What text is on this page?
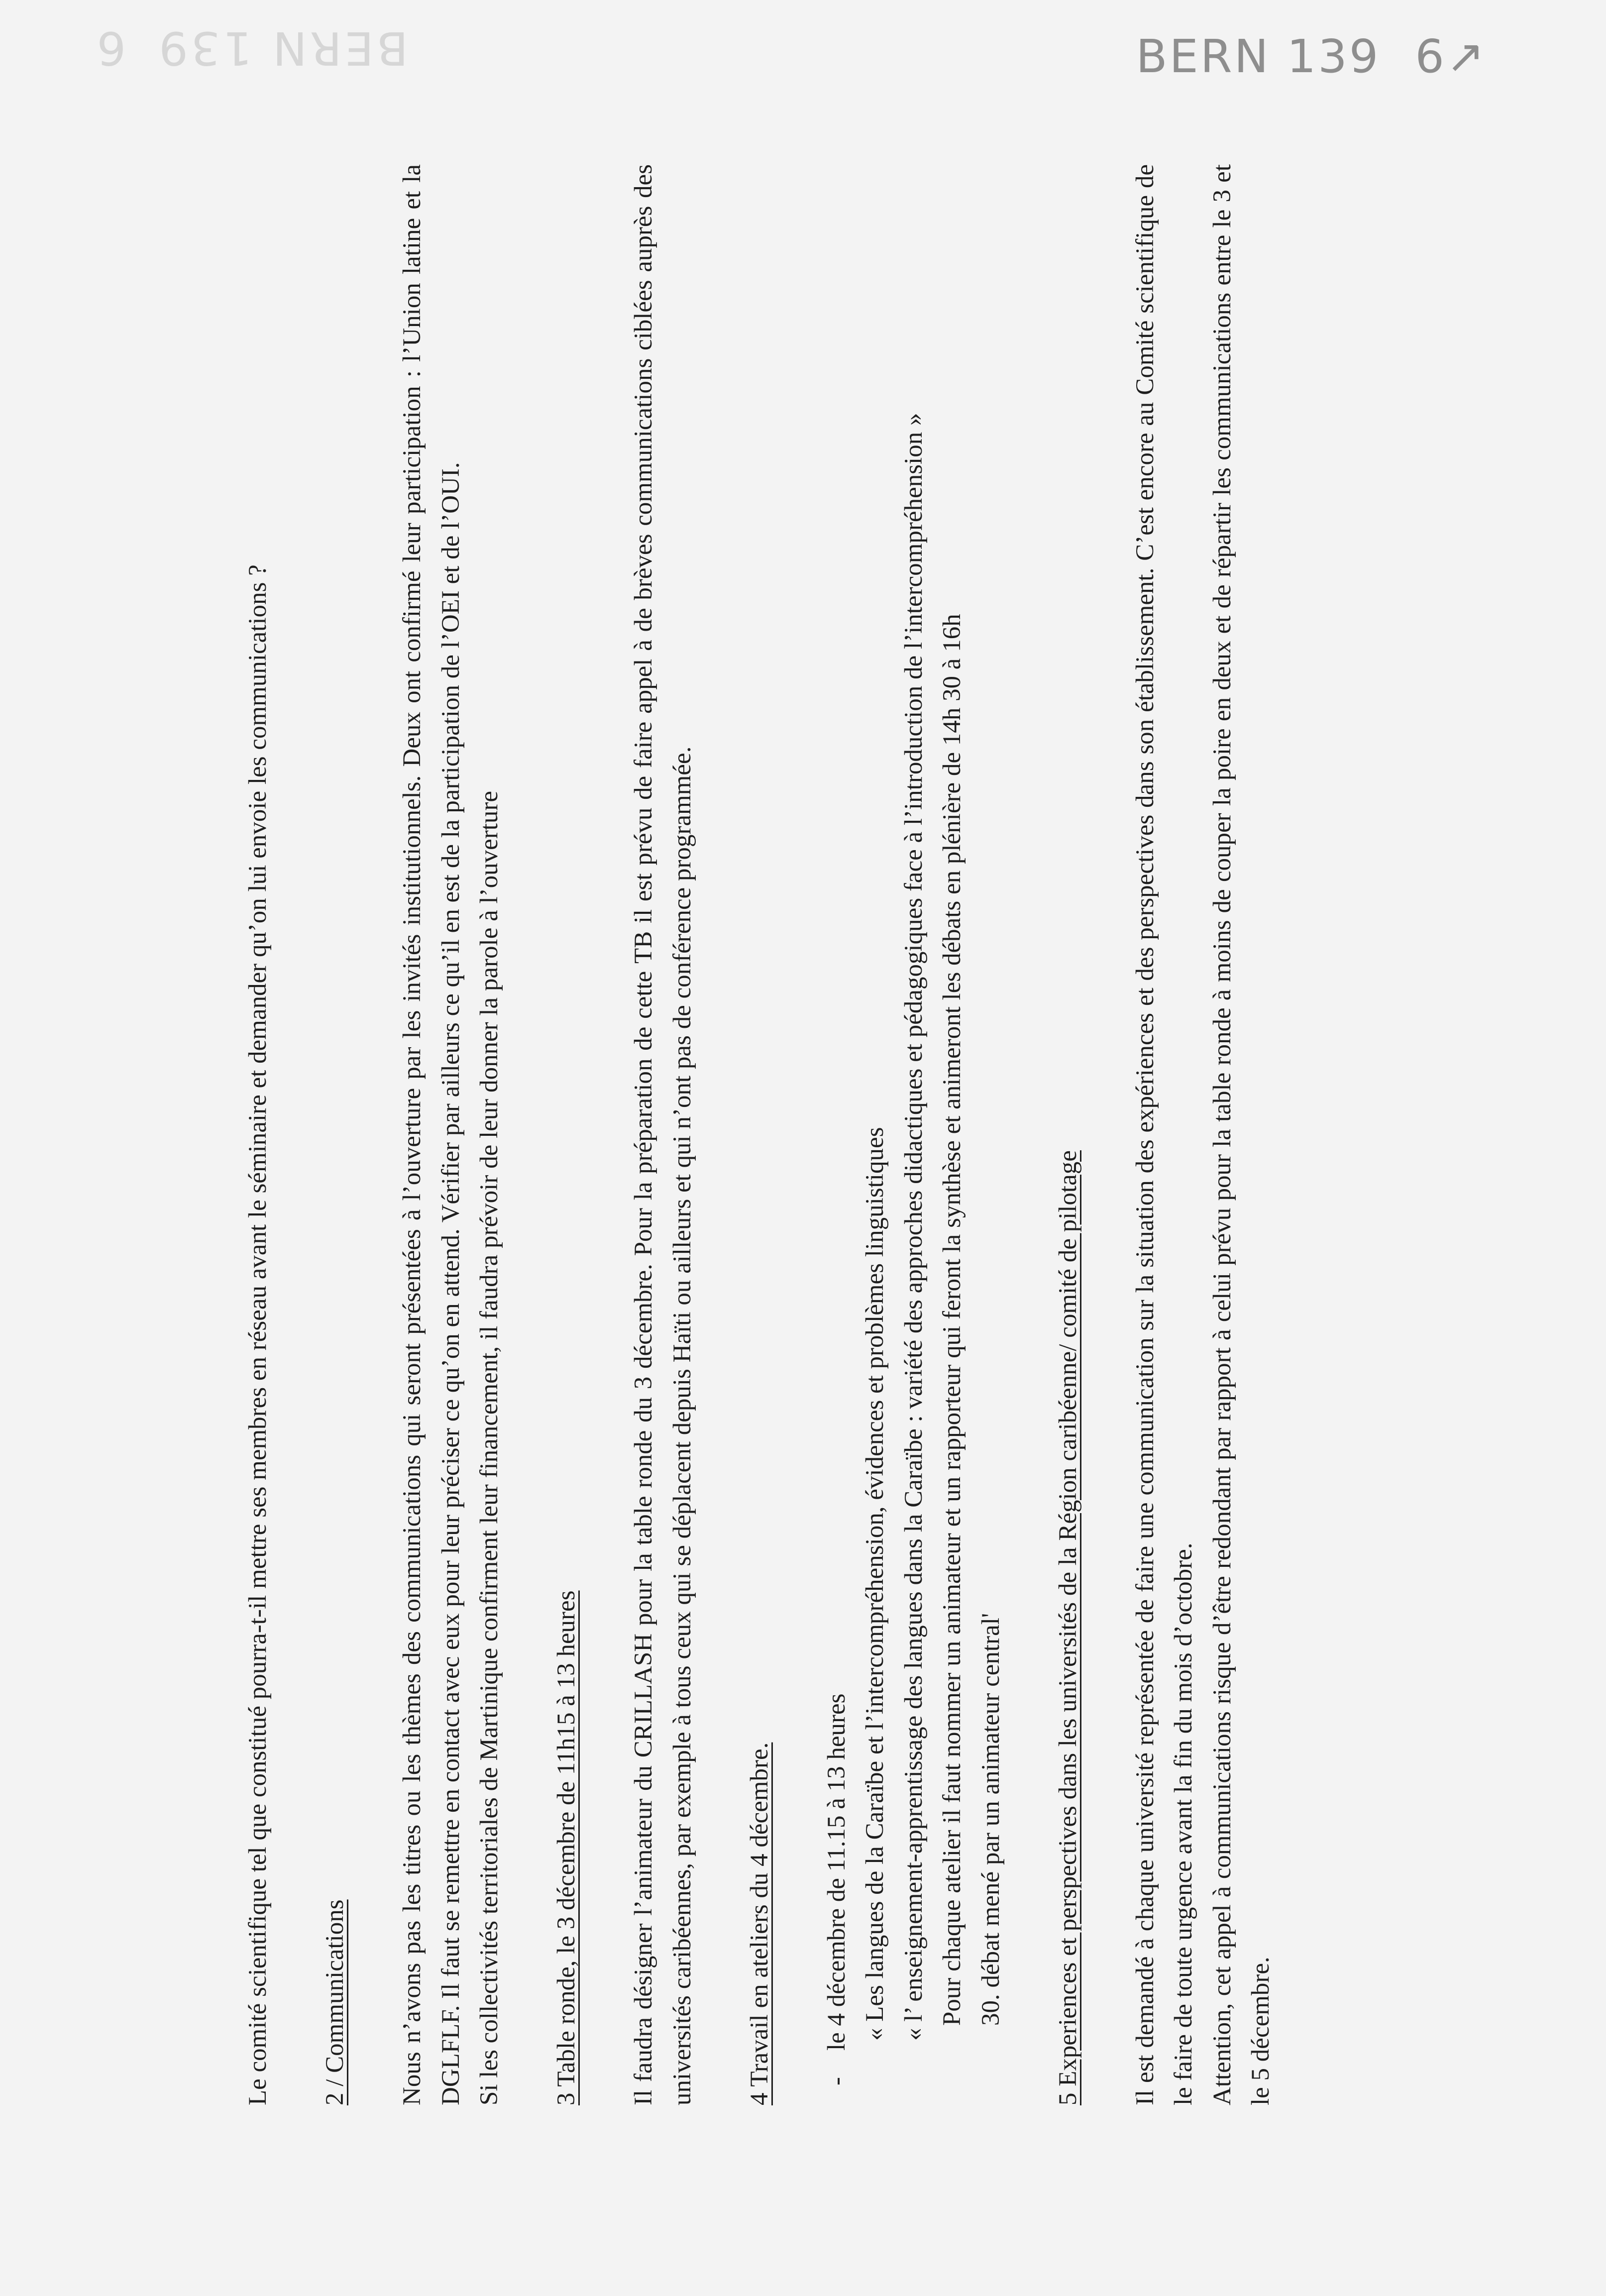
BERN 1396	BERN 139 6↗

Le comité scientifique tel que constitué pourra-t-il mettre ses membres en réseau avant le séminaire et demander qu’on lui envoie les communications ? 2 / Communications Nous n’avons pas les titres ou les thèmes des communications qui seront présentées à l’ouverture par les invités institutionnels. Deux ont confirmé leur participation : l’Union latine et la DGLFLF. Il faut se remettre en contact avec eux pour leur préciser ce qu’on en attend. Vérifier par ailleurs ce qu’il en est de la participation de l’OEI et de l’OUI. Si les collectivités territoriales de Martinique confirment leur financement, il faudra prévoir de leur donner la parole à l’ouverture 3 Table ronde, le 3 décembre de 11h15 à 13 heures Il faudra désigner l’animateur du CRILLASH pour la table ronde du 3 décembre. Pour la préparation de cette TB il est prévu de faire appel à de brèves communications ciblées auprès des universités caribéennes, par exemple à tous ceux qui se déplacent depuis Haïti ou ailleurs et qui n’ont pas de conférence programmée. 4 Travail en ateliers du 4 décembre. -le 4 décembre de 11.15 à 13 heures « Les langues de la Caraïbe et l’intercompréhension, évidences et problèmes linguistiques « l’ enseignement-apprentissage des langues dans la Caraïbe : variété des approches didactiques et pédagogiques face à l’introduction de l’intercompréhension » Pour chaque atelier il faut nommer un animateur et un rapporteur qui feront la synthèse et animeront les débats en plénière de 14h 30 à 16h 30. débat mené par un animateur central' 5 Experiences et perspectives dans les universités de la Région caribéenne/ comité de pilotage Il est demandé à chaque université représentée de faire une communication sur la situation des expériences et des perspectives dans son établissement. C’est encore au Comité scientifique de le faire de toute urgence avant la fin du mois d’octobre. Attention, cet appel à communications risque d’être redondant par rapport à celui prévu pour la table ronde à moins de couper la poire en deux et de répartir les communications entre le 3 et le 5 décembre.
